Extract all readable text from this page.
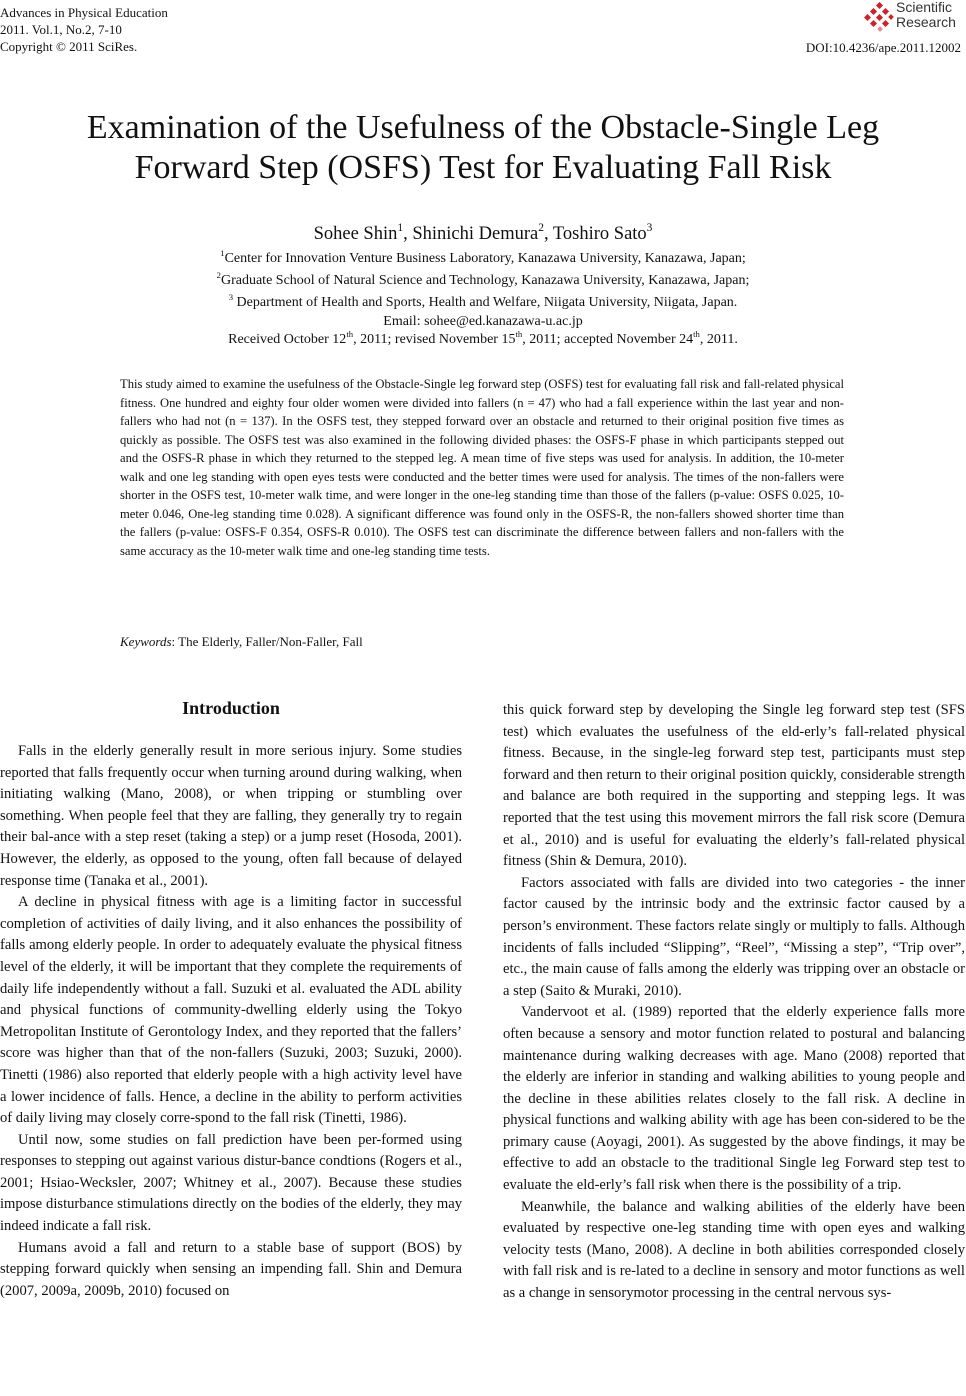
Advances in Physical Education
2011. Vol.1, No.2, 7-10
Copyright © 2011 SciRes.
Scientific
Research
DOI:10.4236/ape.2011.12002
Examination of the Usefulness of the Obstacle-Single Leg
Forward Step (OSFS) Test for Evaluating Fall Risk
Sohee Shin$^1$, Shinichi Demura$^2$, Toshiro Sato$^3$
$^1$Center for Innovation Venture Business Laboratory, Kanazawa University, Kanazawa, Japan;
$^2$Graduate School of Natural Science and Technology, Kanazawa University, Kanazawa, Japan;
$^3$ Department of Health and Sports, Health and Welfare, Niigata University, Niigata, Japan.
Email: sohee@ed.kanazawa-u.ac.jp
Received October 12th, 2011; revised November 15th, 2011; accepted November 24th, 2011.
This study aimed to examine the usefulness of the Obstacle-Single leg forward step (OSFS) test for evaluating fall risk and fall-related physical fitness. One hundred and eighty four older women were divided into fallers (n = 47) who had a fall experience within the last year and non-fallers who had not (n = 137). In the OSFS test, they stepped forward over an obstacle and returned to their original position five times as quickly as possible. The OSFS test was also examined in the following divided phases: the OSFS-F phase in which participants stepped out and the OSFS-R phase in which they returned to the stepped leg. A mean time of five steps was used for analysis. In addition, the 10-meter walk and one leg standing with open eyes tests were conducted and the better times were used for analysis. The times of the non-fallers were shorter in the OSFS test, 10-meter walk time, and were longer in the one-leg standing time than those of the fallers (p-value: OSFS 0.025, 10-meter 0.046, One-leg standing time 0.028). A significant difference was found only in the OSFS-R, the non-fallers showed shorter time than the fallers (p-value: OSFS-F 0.354, OSFS-R 0.010). The OSFS test can discriminate the difference between fallers and non-fallers with the same accuracy as the 10-meter walk time and one-leg standing time tests.
Keywords: The Elderly, Faller/Non-Faller, Fall
Introduction

Falls in the elderly generally result in more serious injury. Some studies reported that falls frequently occur when turning around during walking, when initiating walking (Mano, 2008), or when tripping or stumbling over something. When people feel that they are falling, they generally try to regain their bal-ance with a step reset (taking a step) or a jump reset (Hosoda, 2001). However, the elderly, as opposed to the young, often fall because of delayed response time (Tanaka et al., 2001).

A decline in physical fitness with age is a limiting factor in successful completion of activities of daily living, and it also enhances the possibility of falls among elderly people. In order to adequately evaluate the physical fitness level of the elderly, it will be important that they complete the requirements of daily life independently without a fall. Suzuki et al. evaluated the ADL ability and physical functions of community-dwelling elderly using the Tokyo Metropolitan Institute of Gerontology Index, and they reported that the fallers’ score was higher than that of the non-fallers (Suzuki, 2003; Suzuki, 2000). Tinetti (1986) also reported that elderly people with a high activity level have a lower incidence of falls. Hence, a decline in the ability to perform activities of daily living may closely corre-spond to the fall risk (Tinetti, 1986).

Until now, some studies on fall prediction have been per-formed using responses to stepping out against various distur-bance condtions (Rogers et al., 2001; Hsiao-Wecksler, 2007; Whitney et al., 2007). Because these studies impose disturbance stimulations directly on the bodies of the elderly, they may indeed indicate a fall risk.

Humans avoid a fall and return to a stable base of support (BOS) by stepping forward quickly when sensing an impending fall. Shin and Demura (2007, 2009a, 2009b, 2010) focused on

this quick forward step by developing the Single leg forward step test (SFS test) which evaluates the usefulness of the eld-erly’s fall-related physical fitness. Because, in the single-leg forward step test, participants must step forward and then return to their original position quickly, considerable strength and balance are both required in the supporting and stepping legs. It was reported that the test using this movement mirrors the fall risk score (Demura et al., 2010) and is useful for evaluating the elderly’s fall-related physical fitness (Shin & Demura, 2010).

Factors associated with falls are divided into two categories - the inner factor caused by the intrinsic body and the extrinsic factor caused by a person’s environment. These factors relate singly or multiply to falls. Although incidents of falls included “Slipping”, “Reel”, “Missing a step”, “Trip over”, etc., the main cause of falls among the elderly was tripping over an obstacle or a step (Saito & Muraki, 2010).

Vandervoot et al. (1989) reported that the elderly experience falls more often because a sensory and motor function related to postural and balancing maintenance during walking decreases with age. Mano (2008) reported that the elderly are inferior in standing and walking abilities to young people and the decline in these abilities relates closely to the fall risk. A decline in physical functions and walking ability with age has been con-sidered to be the primary cause (Aoyagi, 2001). As suggested by the above findings, it may be effective to add an obstacle to the traditional Single leg Forward step test to evaluate the eld-erly’s fall risk when there is the possibility of a trip.

Meanwhile, the balance and walking abilities of the elderly have been evaluated by respective one-leg standing time with open eyes and walking velocity tests (Mano, 2008). A decline in both abilities corresponded closely with fall risk and is re-lated to a decline in sensory and motor functions as well as a change in sensorymotor processing in the central nervous sys-
